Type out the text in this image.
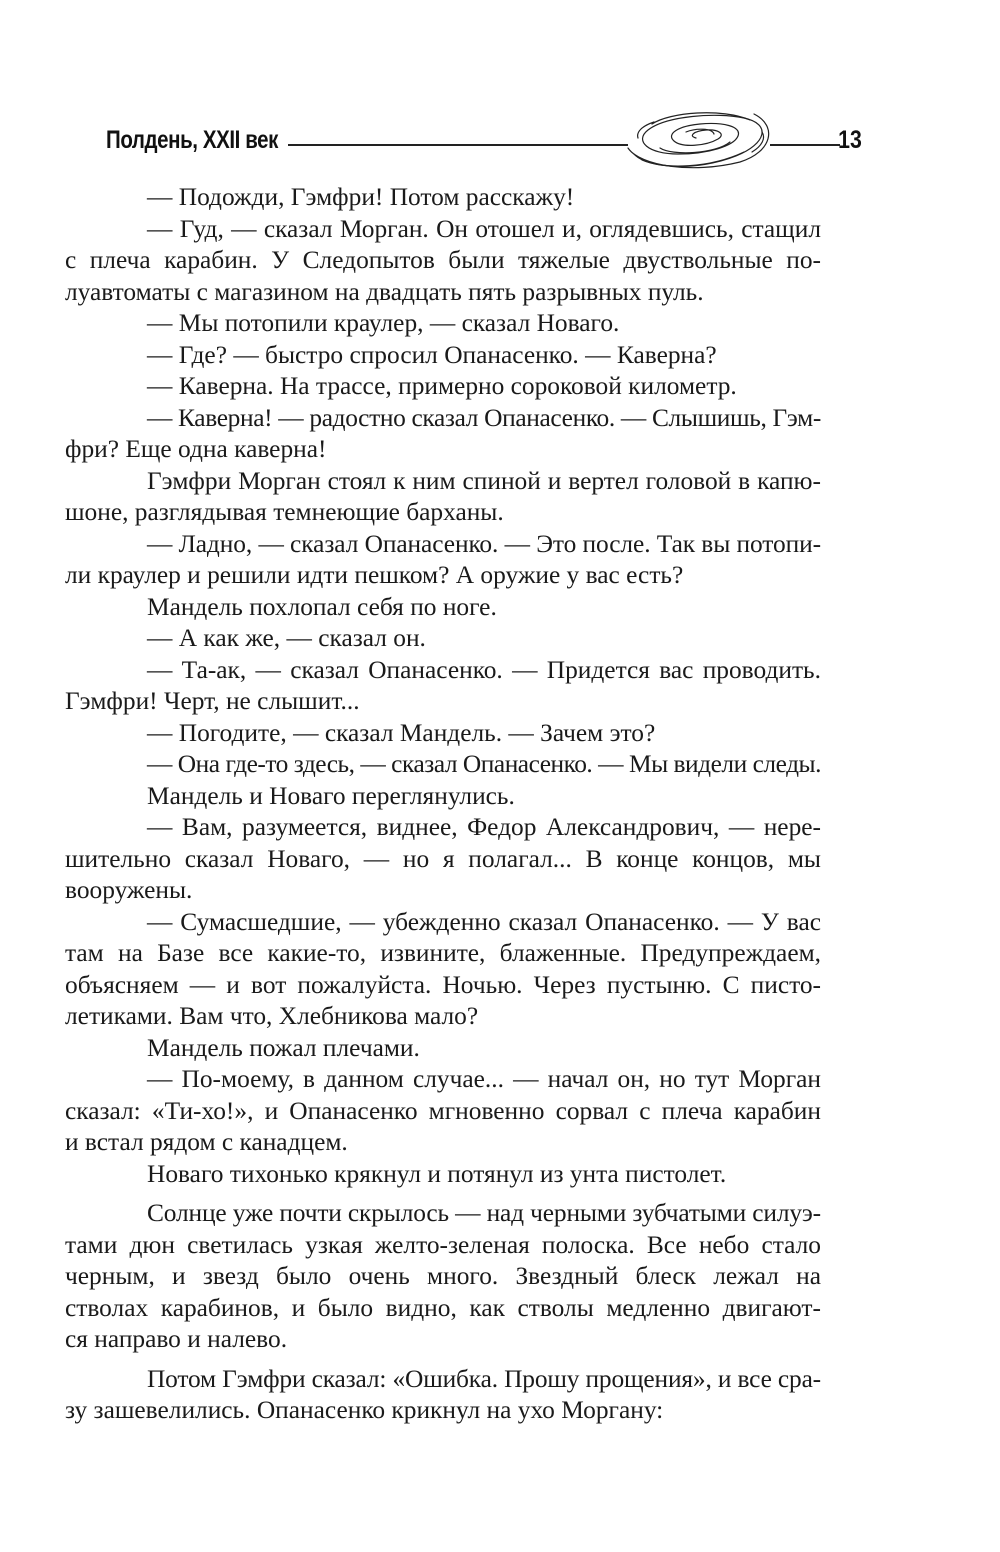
Полдень, XXII век	13

— Подожди, Гэмфри! Потом расскажу!

— Гуд, — сказал Морган. Он отошел и, оглядевшись, стащил
с плеча карабин. У Следопытов были тяжелые двуствольные по-
луавтоматы с магазином на двадцать пять разрывных пуль.

— Мы потопили краулер, — сказал Новаго.

— Где? — быстро спросил Опанасенко. — Каверна?

— Каверна. На трассе, примерно сороковой километр.

— Каверна! — радостно сказал Опанасенко. — Слышишь, Гэм-
фри? Еще одна каверна!

Гэмфри Морган стоял к ним спиной и вертел головой в капю-
шоне, разглядывая темнеющие барханы.

— Ладно, — сказал Опанасенко. — Это после. Так вы потопи-
ли краулер и решили идти пешком? А оружие у вас есть?

Мандель похлопал себя по ноге.

— А как же, — сказал он.

— Та-ак, — сказал Опанасенко. — Придется вас проводить.
Гэмфри! Черт, не слышит...

— Погодите, — сказал Мандель. — Зачем это?

— Она где-то здесь, — сказал Опанасенко. — Мы видели следы.

Мандель и Новаго переглянулись.

— Вам, разумеется, виднее, Федор Александрович, — нере-
шительно сказал Новаго, — но я полагал... В конце концов, мы
вооружены.

— Сумасшедшие, — убежденно сказал Опанасенко. — У вас
там на Базе все какие-то, извините, блаженные. Предупреждаем,
объясняем — и вот пожалуйста. Ночью. Через пустыню. С писто-
летиками. Вам что, Хлебникова мало?

Мандель пожал плечами.

— По-моему, в данном случае... — начал он, но тут Морган
сказал: «Ти-хо!», и Опанасенко мгновенно сорвал с плеча карабин
и встал рядом с канадцем.

Новаго тихонько крякнул и потянул из унта пистолет.

Солнце уже почти скрылось — над черными зубчатыми силуэ-
тами дюн светилась узкая желто-зеленая полоска. Все небо стало
черным, и звезд было очень много. Звездный блеск лежал на
стволах карабинов, и было видно, как стволы медленно двигают-
ся направо и налево.

Потом Гэмфри сказал: «Ошибка. Прошу прощения», и все сра-
зу зашевелились. Опанасенко крикнул на ухо Моргану:
